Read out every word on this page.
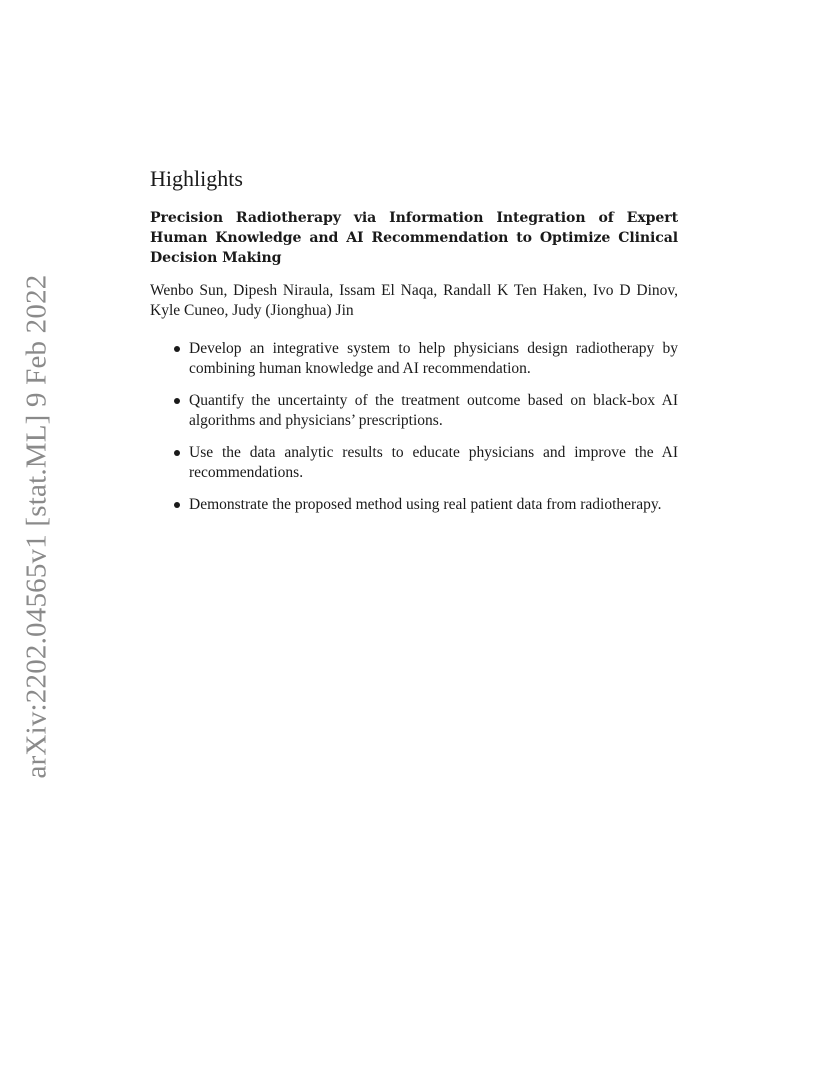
arXiv:2202.04565v1 [stat.ML] 9 Feb 2022
Highlights

Precision Radiotherapy via Information Integration of Expert Human Knowledge and AI Recommendation to Optimize Clinical Decision Making

Wenbo Sun, Dipesh Niraula, Issam El Naqa, Randall K Ten Haken, Ivo D Dinov, Kyle Cuneo, Judy (Jionghua) Jin

Develop an integrative system to help physicians design radiotherapy by combining human knowledge and AI recommendation.
Quantify the uncertainty of the treatment outcome based on black-box AI algorithms and physicians’ prescriptions.
Use the data analytic results to educate physicians and improve the AI recommendations.
Demonstrate the proposed method using real patient data from radiotherapy.
